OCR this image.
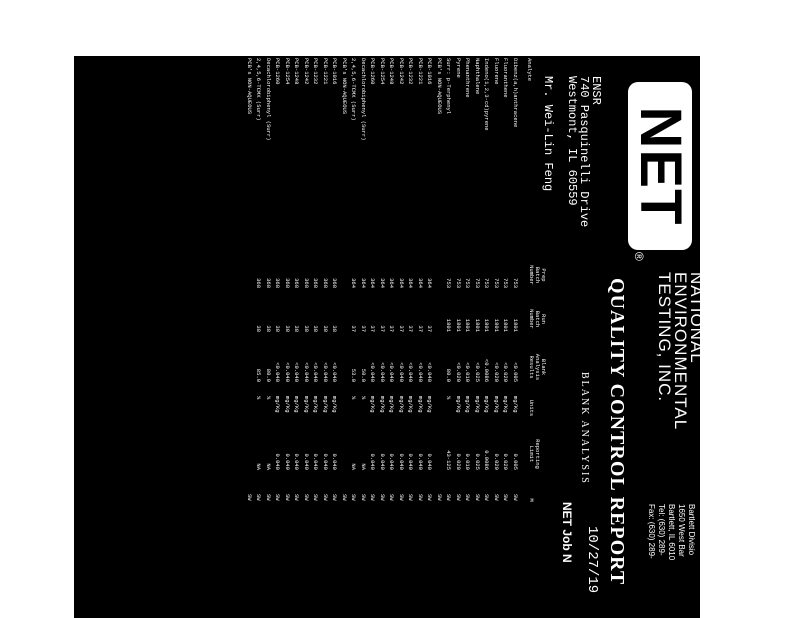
NET
®
NATIONAL
ENVIRONMENTAL
TESTING, INC.
Bartlett Divisio
1650 West Bar
Bartlett, IL 6010
Tel: (630) 289-
Fax: (630) 289-
QUALITY CONTROL REPORT
BLANK ANALYSIS
ENSR
740 Pasquinelli Drive
Westmont, IL 60559
Mr. Wei-Lin Feng
10/27/19
NET Job N
Analyte
Prep
Batch
Number
Run
Batch
Number
Blank
Analysis
Results
Units
Reporting
Limit
M
Dibenz(a,h)anthracene
753
1801
<0.005
mg/Kg
0.005
SW
Fluoranthene
753
1801
<0.020
mg/Kg
0.020
SW
Fluorene
753
1801
<0.020
mg/Kg
0.020
SW
Indeno(1,2,3-cd)pyrene
753
1801
<0.0086
mg/Kg
0.0086
SW
Naphthalene
753
1801
<0.025
mg/Kg
0.025
SW
Phenanthrene
753
1801
<0.010
mg/Kg
0.010
SW
Pyrene
753
1801
<0.020
mg/Kg
0.020
SW
Surr: p-Terphenyl
753
1801
80.0
%
43-125
SW
PCB's NON-AQUEOUS
SW
PCB-1016
364
37
<0.040
mg/Kg
0.040
SW
PCB-1221
364
37
<0.040
mg/Kg
0.040
SW
PCB-1232
364
37
<0.040
mg/Kg
0.040
SW
PCB-1242
364
37
<0.040
mg/Kg
0.040
SW
PCB-1248
364
37
<0.040
mg/Kg
0.040
SW
PCB-1254
364
37
<0.040
mg/Kg
0.040
SW
PCB-1260
364
37
<0.040
mg/Kg
0.040
SW
Decachlorobiphenyl (Surr)
364
37
50.0
%
NA
SW
2,4,5,6-TCMX (Surr)
364
37
53.0
%
NA
SW
PCB's NON-AQUEOUS
SW
PCB-1016
368
38
<0.040
mg/Kg
0.040
SW
PCB-1221
368
38
<0.040
mg/Kg
0.040
SW
PCB-1232
368
38
<0.040
mg/Kg
0.040
SW
PCB-1242
368
38
<0.040
mg/Kg
0.040
SW
PCB-1248
368
38
<0.040
mg/Kg
0.040
SW
PCB-1254
368
38
<0.040
mg/Kg
0.040
SW
PCB-1260
368
38
<0.040
mg/Kg
0.040
SW
Decachlorobiphenyl (Surr)
368
38
80.0
%
NA
SW
2,4,5,6-TCMX (Surr)
368
38
85.0
%
NA
SW
PCB's NON-AQUEOUS
SW
